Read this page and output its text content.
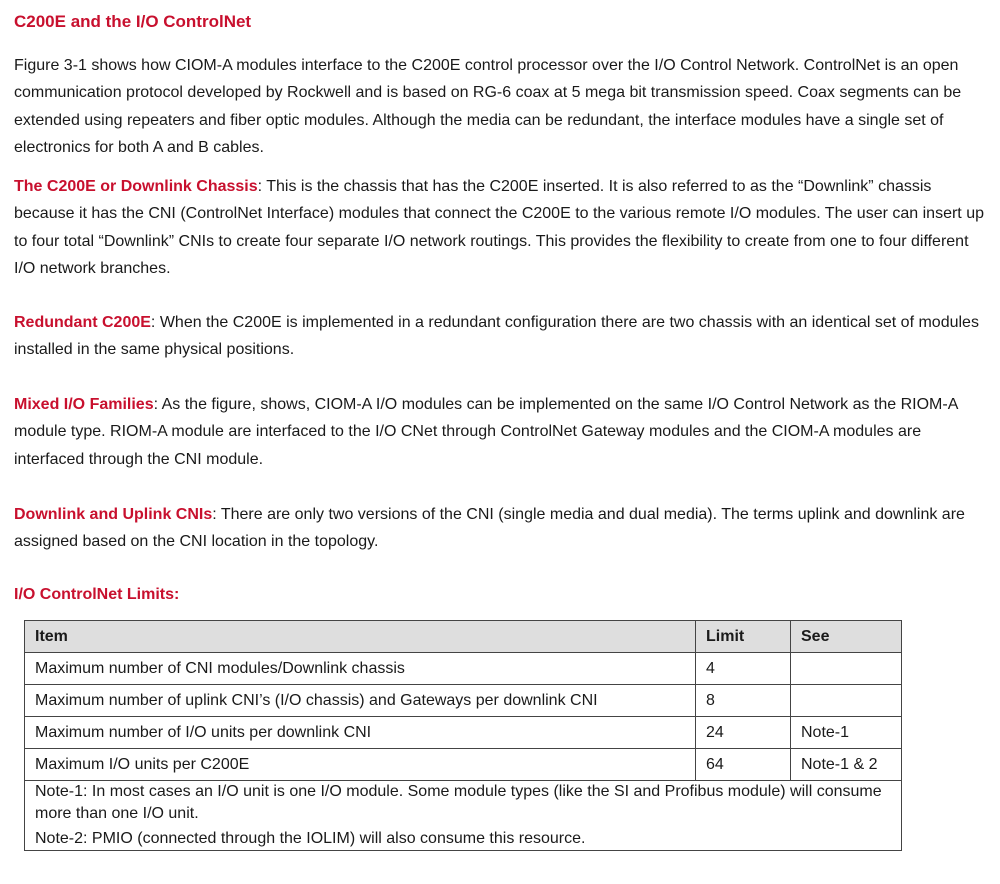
C200E and the I/O ControlNet

Figure 3-1 shows how CIOM-A modules interface to the C200E control processor over the I/O Control Network. ControlNet is an open communication protocol developed by Rockwell and is based on RG-6 coax at 5 mega bit transmission speed. Coax segments can be extended using repeaters and fiber optic modules. Although the media can be redundant, the interface modules have a single set of electronics for both A and B cables.

The C200E or Downlink Chassis: This is the chassis that has the C200E inserted. It is also referred to as the “Downlink” chassis because it has the CNI (ControlNet Interface) modules that connect the C200E to the various remote I/O modules. The user can insert up to four total “Downlink” CNIs to create four separate I/O network routings. This provides the flexibility to create from one to four different I/O network branches.

Redundant C200E: When the C200E is implemented in a redundant configuration there are two chassis with an identical set of modules installed in the same physical positions.

Mixed I/O Families: As the figure, shows, CIOM-A I/O modules can be implemented on the same I/O Control Network as the RIOM-A module type. RIOM-A module are interfaced to the I/O CNet through ControlNet Gateway modules and the CIOM-A modules are interfaced through the CNI module.

Downlink and Uplink CNIs: There are only two versions of the CNI (single media and dual media). The terms uplink and downlink are assigned based on the CNI location in the topology.

I/O ControlNet Limits:
Item	Limit	See
Maximum number of CNI modules/Downlink chassis	4	
Maximum number of uplink CNI’s (I/O chassis) and Gateways per downlink CNI	8	
Maximum number of I/O units per downlink CNI	24	Note-1
Maximum I/O units per C200E	64	Note-1 & 2

Note-1: In most cases an I/O unit is one I/O module. Some module types (like the SI and Profibus module) will consume more than one I/O unit.
Note-2: PMIO (connected through the IOLIM) will also consume this resource.		
